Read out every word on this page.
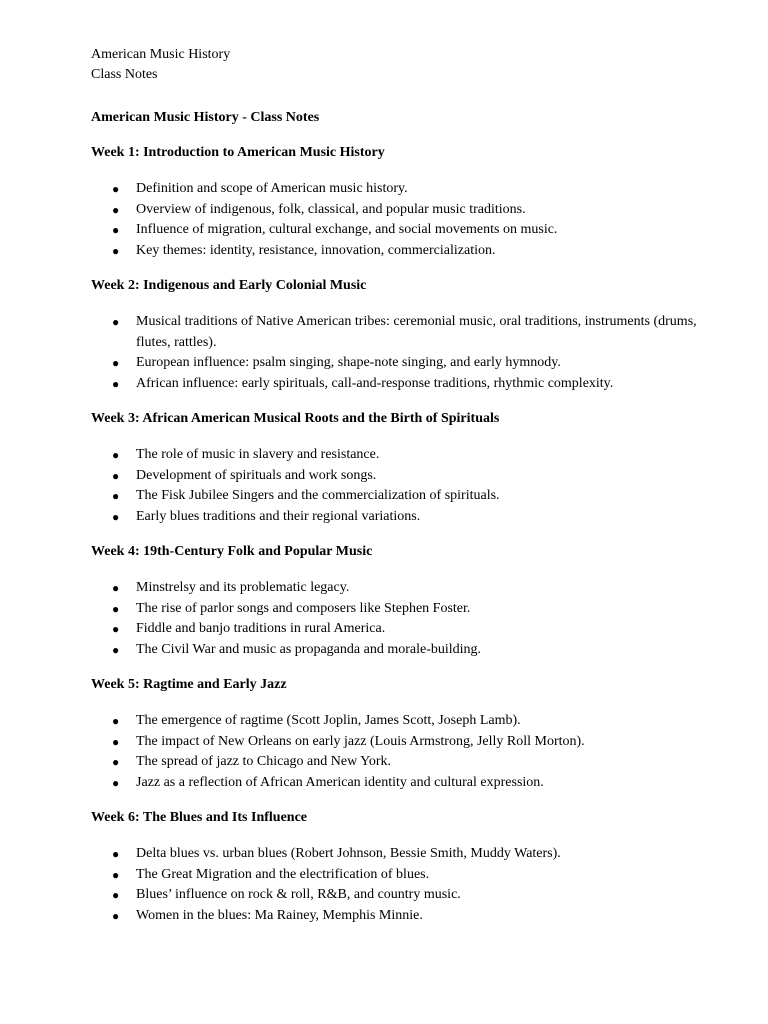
American Music History
Class Notes
American Music History - Class Notes
Week 1: Introduction to American Music History
● Definition and scope of American music history.
● Overview of indigenous, folk, classical, and popular music traditions.
● Influence of migration, cultural exchange, and social movements on music.
● Key themes: identity, resistance, innovation, commercialization.
Week 2: Indigenous and Early Colonial Music
● Musical traditions of Native American tribes: ceremonial music, oral traditions, instruments (drums, flutes, rattles).
● European influence: psalm singing, shape-note singing, and early hymnody.
● African influence: early spirituals, call-and-response traditions, rhythmic complexity.
Week 3: African American Musical Roots and the Birth of Spirituals
● The role of music in slavery and resistance.
● Development of spirituals and work songs.
● The Fisk Jubilee Singers and the commercialization of spirituals.
● Early blues traditions and their regional variations.
Week 4: 19th-Century Folk and Popular Music
● Minstrelsy and its problematic legacy.
● The rise of parlor songs and composers like Stephen Foster.
● Fiddle and banjo traditions in rural America.
● The Civil War and music as propaganda and morale-building.
Week 5: Ragtime and Early Jazz
● The emergence of ragtime (Scott Joplin, James Scott, Joseph Lamb).
● The impact of New Orleans on early jazz (Louis Armstrong, Jelly Roll Morton).
● The spread of jazz to Chicago and New York.
● Jazz as a reflection of African American identity and cultural expression.
Week 6: The Blues and Its Influence
● Delta blues vs. urban blues (Robert Johnson, Bessie Smith, Muddy Waters).
● The Great Migration and the electrification of blues.
● Blues’ influence on rock & roll, R&B, and country music.
● Women in the blues: Ma Rainey, Memphis Minnie.
